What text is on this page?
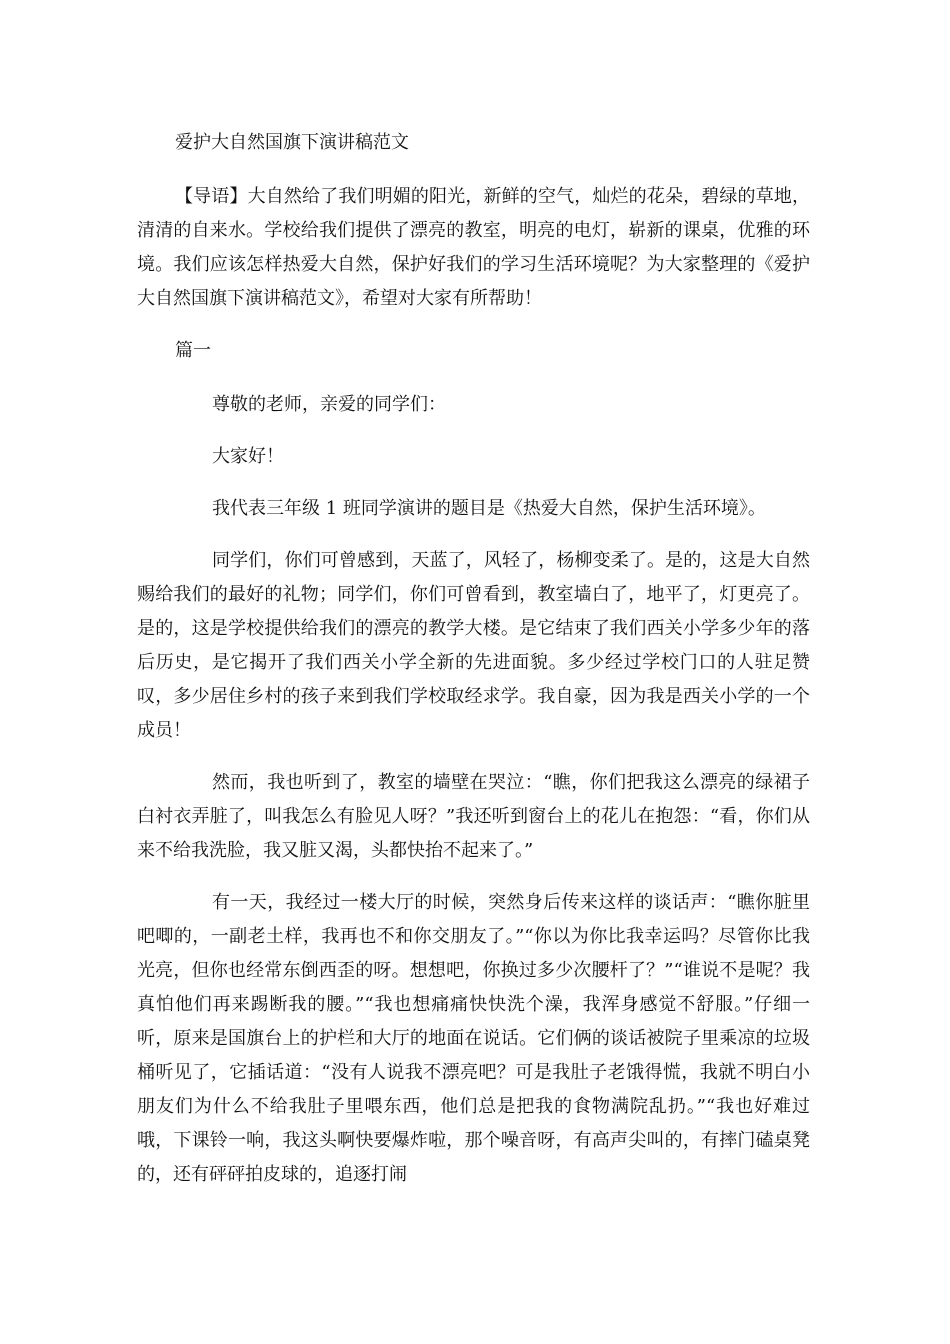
爱护大自然国旗下演讲稿范文

【导语】大自然给了我们明媚的阳光，新鲜的空气，灿烂的花朵，碧绿的草地，清清的自来水。学校给我们提供了漂亮的教室，明亮的电灯，崭新的课桌，优雅的环境。我们应该怎样热爱大自然，保护好我们的学习生活环境呢？为大家整理的《爱护大自然国旗下演讲稿范文》，希望对大家有所帮助！

篇一

尊敬的老师，亲爱的同学们：

大家好！

我代表三年级 1 班同学演讲的题目是《热爱大自然，保护生活环境》。

同学们，你们可曾感到，天蓝了，风轻了，杨柳变柔了。是的，这是大自然赐给我们的最好的礼物；同学们，你们可曾看到，教室墙白了，地平了，灯更亮了。是的，这是学校提供给我们的漂亮的教学大楼。是它结束了我们西关小学多少年的落后历史，是它揭开了我们西关小学全新的先进面貌。多少经过学校门口的人驻足赞叹，多少居住乡村的孩子来到我们学校取经求学。我自豪，因为我是西关小学的一个成员！

然而，我也听到了，教室的墙壁在哭泣：“瞧，你们把我这么漂亮的绿裙子白衬衣弄脏了，叫我怎么有脸见人呀？”我还听到窗台上的花儿在抱怨：“看，你们从来不给我洗脸，我又脏又渴，头都快抬不起来了。”

有一天，我经过一楼大厅的时候，突然身后传来这样的谈话声：“瞧你脏里吧唧的，一副老土样，我再也不和你交朋友了。”“你以为你比我幸运吗？尽管你比我光亮，但你也经常东倒西歪的呀。想想吧，你换过多少次腰杆了？”“谁说不是呢？我真怕他们再来踢断我的腰。”“我也想痛痛快快洗个澡，我浑身感觉不舒服。”仔细一听，原来是国旗台上的护栏和大厅的地面在说话。它们俩的谈话被院子里乘凉的垃圾桶听见了，它插话道：“没有人说我不漂亮吧？可是我肚子老饿得慌，我就不明白小朋友们为什么不给我肚子里喂东西，他们总是把我的食物满院乱扔。”“我也好难过哦，下课铃一响，我这头啊快要爆炸啦，那个噪音呀，有高声尖叫的，有摔门磕桌凳的，还有砰砰拍皮球的，追逐打闹
